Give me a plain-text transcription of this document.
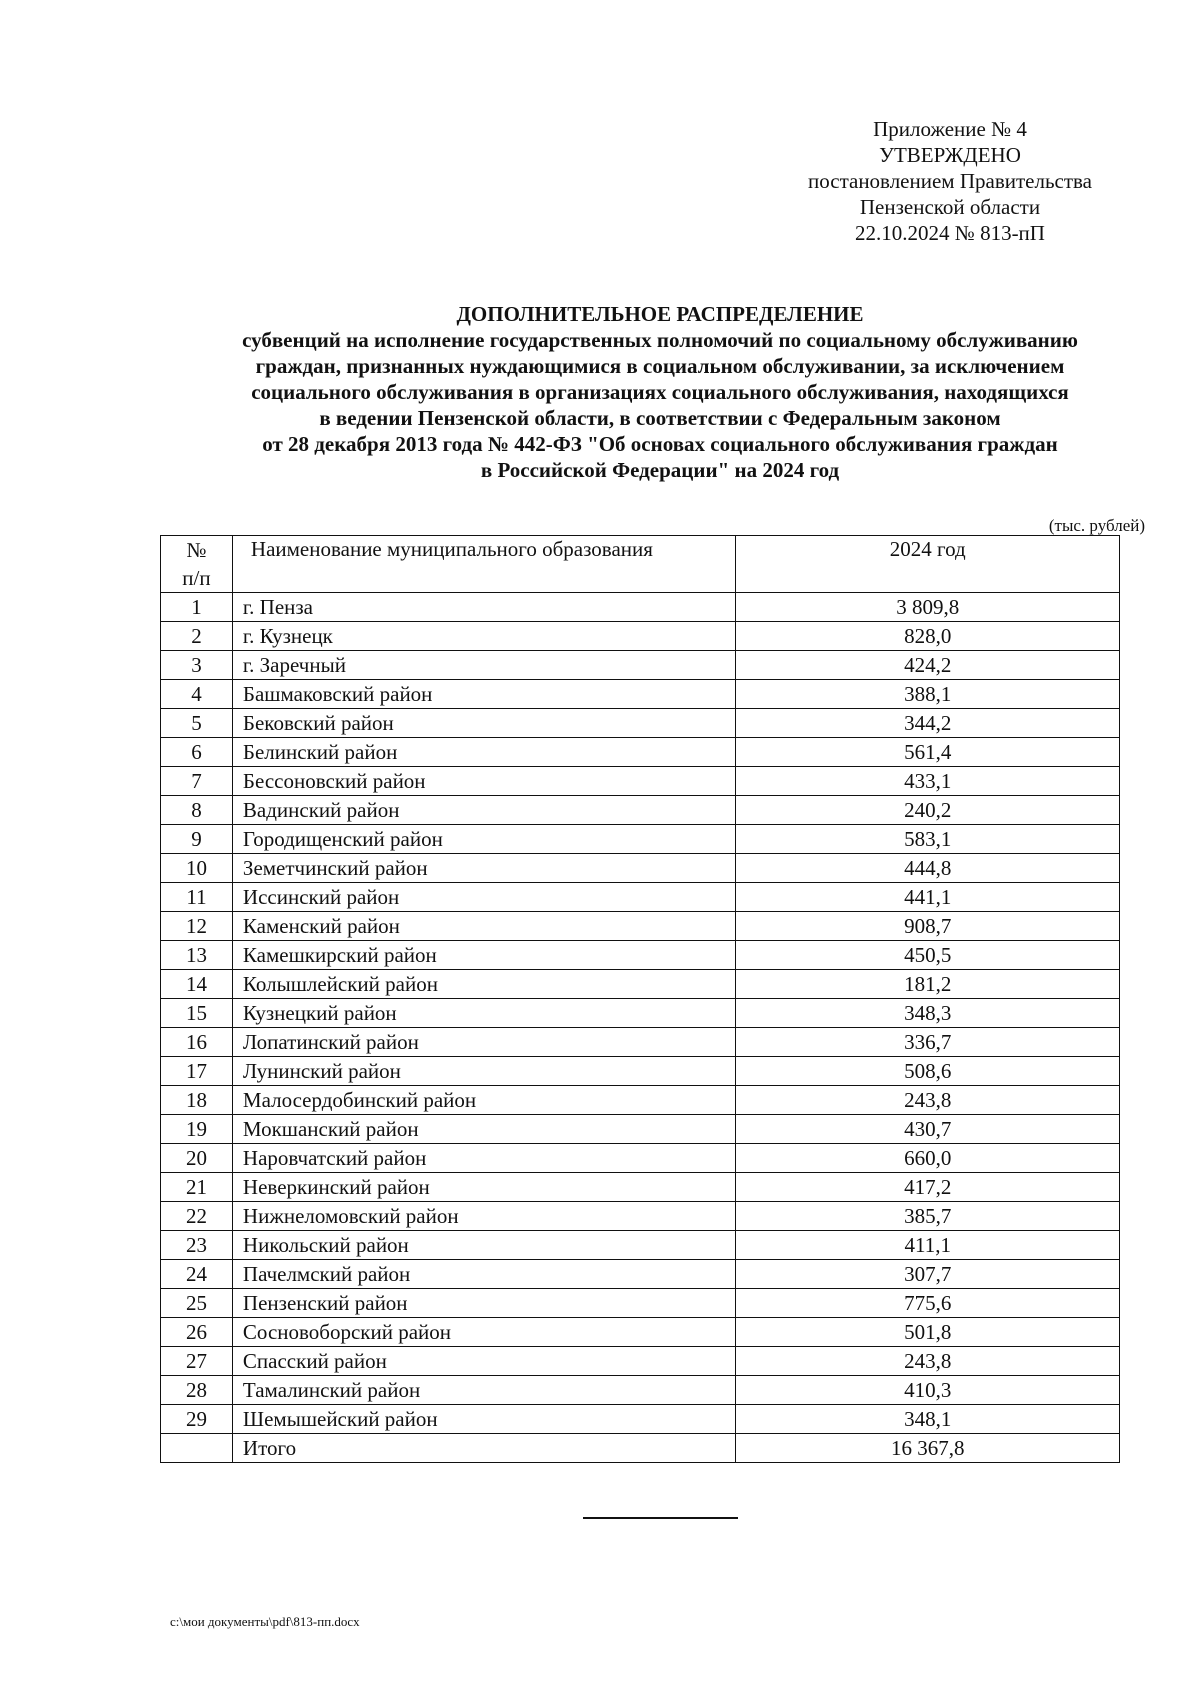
Приложение № 4
УТВЕРЖДЕНО
постановлением Правительства
Пензенской области
22.10.2024 № 813-пП
ДОПОЛНИТЕЛЬНОЕ РАСПРЕДЕЛЕНИЕ
субвенций на исполнение государственных полномочий по социальному обслуживанию
граждан, признанных нуждающимися в социальном обслуживании, за исключением
социального обслуживания в организациях социального обслуживания, находящихся
в ведении Пензенской области, в соответствии с Федеральным законом
от 28 декабря 2013 года № 442-ФЗ "Об основах социального обслуживания граждан
в Российской Федерации" на 2024 год
(тыс. рублей)
№
п/п	Наименование муниципального образования	2024 год
1	г. Пенза	3 809,8
2	г. Кузнецк	828,0
3	г. Заречный	424,2
4	Башмаковский район	388,1
5	Бековский район	344,2
6	Белинский район	561,4
7	Бессоновский район	433,1
8	Вадинский район	240,2
9	Городищенский район	583,1
10	Земетчинский район	444,8
11	Иссинский район	441,1
12	Каменский район	908,7
13	Камешкирский район	450,5
14	Колышлейский район	181,2
15	Кузнецкий район	348,3
16	Лопатинский район	336,7
17	Лунинский район	508,6
18	Малосердобинский район	243,8
19	Мокшанский район	430,7
20	Наровчатский район	660,0
21	Неверкинский район	417,2
22	Нижнеломовский район	385,7
23	Никольский район	411,1
24	Пачелмский район	307,7
25	Пензенский район	775,6
26	Сосновоборский район	501,8
27	Спасский район	243,8
28	Тамалинский район	410,3
29	Шемышейский район	348,1
	Итого	16 367,8
c:\мои документы\pdf\813-пп.docx
